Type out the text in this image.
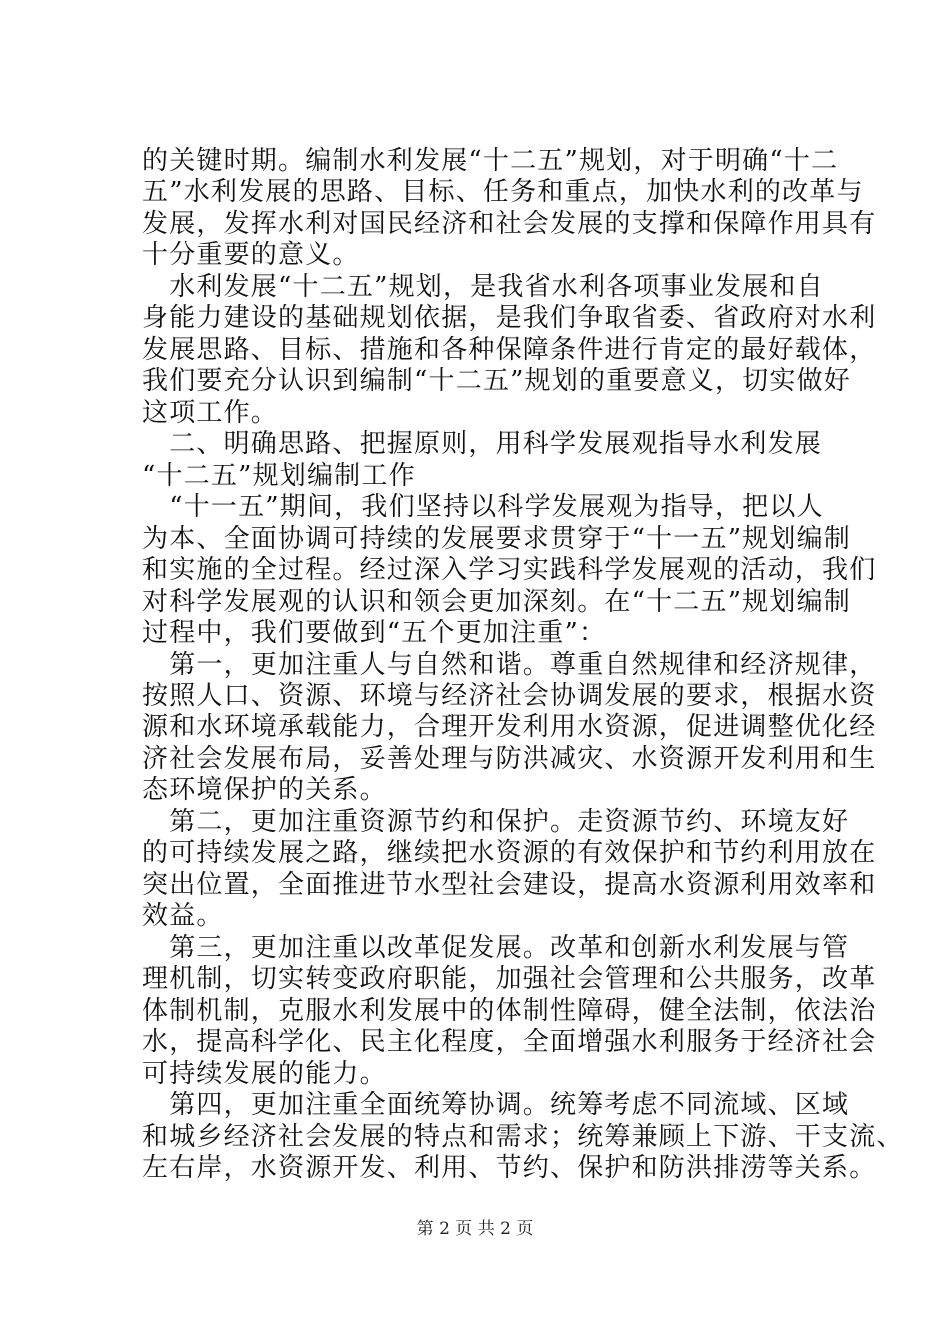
的关键时期。编制水利发展“十二五”规划，对于明确“十二
五”水利发展的思路、目标、任务和重点，加快水利的改革与
发展，发挥水利对国民经济和社会发展的支撑和保障作用具有
十分重要的意义。
　水利发展“十二五”规划，是我省水利各项事业发展和自
身能力建设的基础规划依据，是我们争取省委、省政府对水利
发展思路、目标、措施和各种保障条件进行肯定的最好载体，
我们要充分认识到编制“十二五”规划的重要意义，切实做好
这项工作。
　二、明确思路、把握原则，用科学发展观指导水利发展
“十二五”规划编制工作
　“十一五”期间，我们坚持以科学发展观为指导，把以人
为本、全面协调可持续的发展要求贯穿于“十一五”规划编制
和实施的全过程。经过深入学习实践科学发展观的活动，我们
对科学发展观的认识和领会更加深刻。在“十二五”规划编制
过程中，我们要做到“五个更加注重”：
　第一，更加注重人与自然和谐。尊重自然规律和经济规律，
按照人口、资源、环境与经济社会协调发展的要求，根据水资
源和水环境承载能力，合理开发利用水资源，促进调整优化经
济社会发展布局，妥善处理与防洪减灾、水资源开发利用和生
态环境保护的关系。
　第二，更加注重资源节约和保护。走资源节约、环境友好
的可持续发展之路，继续把水资源的有效保护和节约利用放在
突出位置，全面推进节水型社会建设，提高水资源利用效率和
效益。
　第三，更加注重以改革促发展。改革和创新水利发展与管
理机制，切实转变政府职能，加强社会管理和公共服务，改革
体制机制，克服水利发展中的体制性障碍，健全法制，依法治
水，提高科学化、民主化程度，全面增强水利服务于经济社会
可持续发展的能力。
　第四，更加注重全面统筹协调。统筹考虑不同流域、区域
和城乡经济社会发展的特点和需求；统筹兼顾上下游、干支流、
左右岸，水资源开发、利用、节约、保护和防洪排涝等关系。
第 2 页 共 2 页
